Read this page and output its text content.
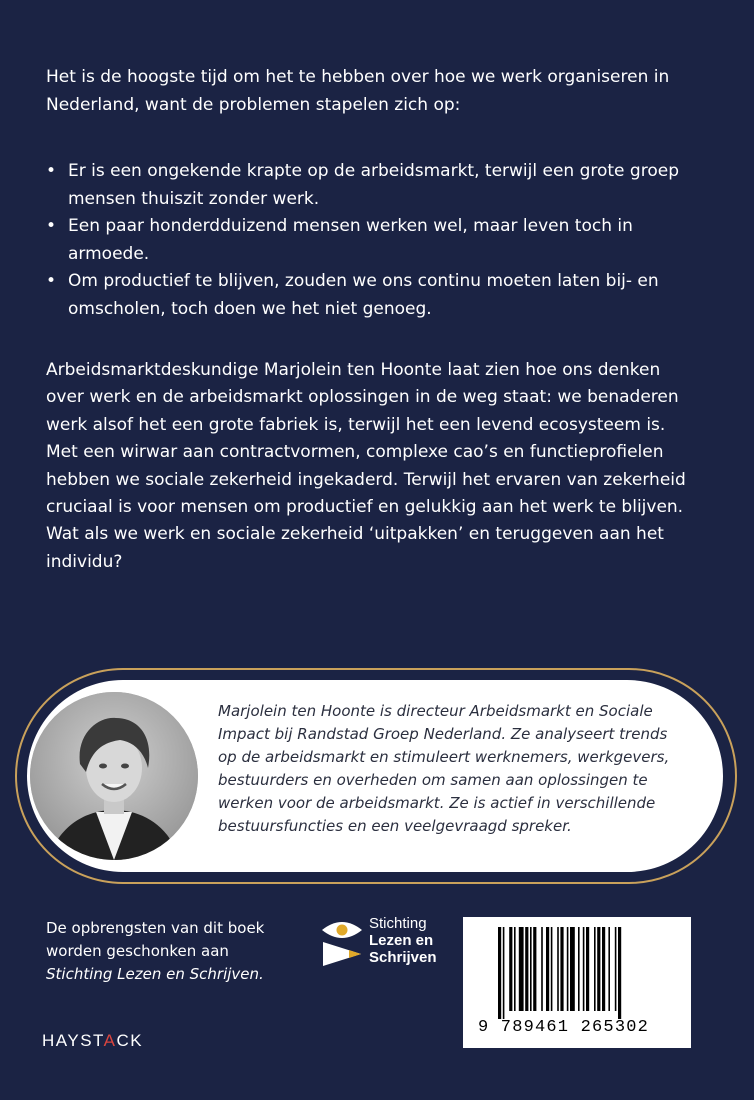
Het is de hoogste tijd om het te hebben over hoe we werk organiseren in Nederland, want de problemen stapelen zich op:

• Er is een ongekende krapte op de arbeidsmarkt, terwijl een grote groep mensen thuiszit zonder werk.
• Een paar honderdduizend mensen werken wel, maar leven toch in armoede.
• Om productief te blijven, zouden we ons continu moeten laten bij- en omscholen, toch doen we het niet genoeg.

Arbeidsmarktdeskundige Marjolein ten Hoonte laat zien hoe ons denken over werk en de arbeidsmarkt oplossingen in de weg staat: we benaderen werk alsof het een grote fabriek is, terwijl het een levend ecosysteem is. Met een wirwar aan contractvormen, complexe cao’s en functieprofielen hebben we sociale zekerheid ingekaderd. Terwijl het ervaren van zekerheid cruciaal is voor mensen om productief en gelukkig aan het werk te blijven. Wat als we werk en sociale zekerheid ‘uitpakken’ en teruggeven aan het individu?

Marjolein ten Hoonte is directeur Arbeidsmarkt en Sociale Impact bij Randstad Groep Nederland. Ze analyseert trends op de arbeidsmarkt en stimuleert werknemers, werkgevers, bestuurders en overheden om samen aan oplossingen te werken voor de arbeidsmarkt. Ze is actief in verschillende bestuursfuncties en een veelgevraagd spreker.

De opbrengsten van dit boek worden geschonken aan
Stichting Lezen en Schrijven.

Stichting
Lezen en
Schrijven
HAYSTACK
9 789461 265302
